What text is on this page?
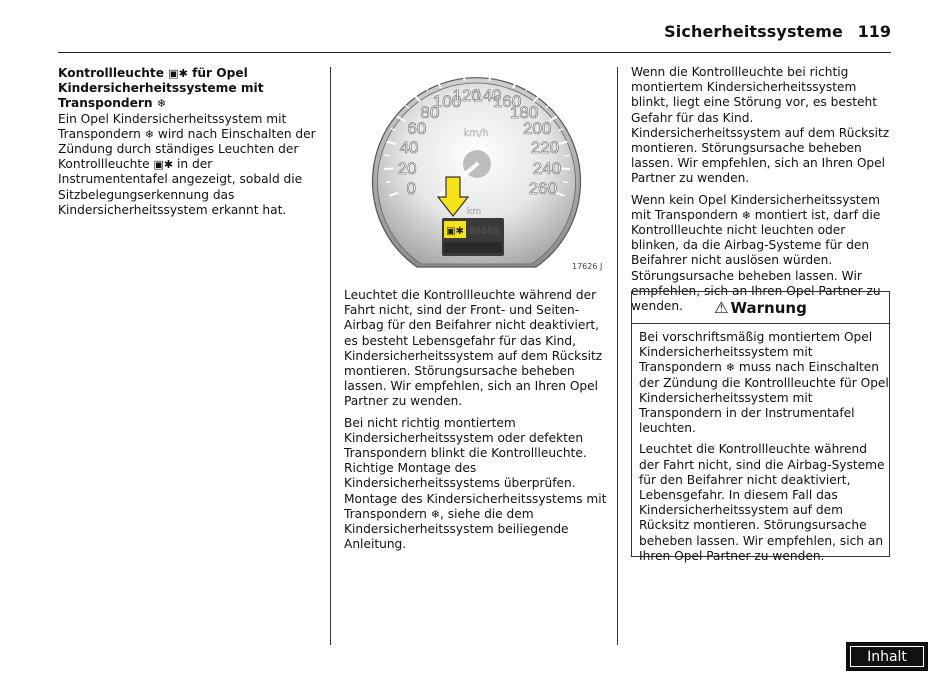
Sicherheitssysteme 119
Kontrollleuchte ▣✱ für Opel
Kindersicherheitssysteme mit
Transpondern ❄

Ein Opel Kindersicherheitssystem mit Transpondern ❄ wird nach Einschalten der Zündung durch ständiges Leuchten der Kontrollleuchte ▣✱ in der Instrumententafel angezeigt, sobald die Sitzbelegungserkennung das Kindersicherheitssystem erkannt hat.

0
20
40
60
80
100
120
140
160
180
200
220
240
260
km/h
km
▣✱ 88888
17626 J

Leuchtet die Kontrollleuchte während der Fahrt nicht, sind der Front- und Seiten-Airbag für den Beifahrer nicht deaktiviert, es besteht Lebensgefahr für das Kind, Kindersicherheitssystem auf dem Rücksitz montieren. Störungsursache beheben lassen. Wir empfehlen, sich an Ihren Opel Partner zu wenden.

Bei nicht richtig montiertem Kindersicherheitssystem oder defekten Transpondern blinkt die Kontrollleuchte. Richtige Montage des Kindersicherheitssystems überprüfen. Montage des Kindersicherheitssystems mit Transpondern ❄, siehe die dem Kindersicherheitssystem beiliegende Anleitung.

Wenn die Kontrollleuchte bei richtig montiertem Kindersicherheitssystem blinkt, liegt eine Störung vor, es besteht Gefahr für das Kind. Kindersicherheitssystem auf dem Rücksitz montieren. Störungsursache beheben lassen. Wir empfehlen, sich an Ihren Opel Partner zu wenden.

Wenn kein Opel Kindersicherheitssystem mit Transpondern ❄ montiert ist, darf die Kontrollleuchte nicht leuchten oder blinken, da die Airbag-Systeme für den Beifahrer nicht auslösen würden. Störungsursache beheben lassen. Wir empfehlen, sich an Ihren Opel Partner zu wenden.	⚠ Warnung

Bei vorschriftsmäßig montiertem Opel Kindersicherheitssystem mit Transpondern ❄ muss nach Einschalten der Zündung die Kontrollleuchte für Opel Kindersicherheitssystem mit Transpondern in der Instrumentafel leuchten.

Leuchtet die Kontrollleuchte während der Fahrt nicht, sind die Airbag-Systeme für den Beifahrer nicht deaktiviert, Lebensgefahr. In diesem Fall das Kindersicherheitssystem auf dem Rücksitz montieren. Störungsursache beheben lassen. Wir empfehlen, sich an Ihren Opel Partner zu wenden.

Inhalt
